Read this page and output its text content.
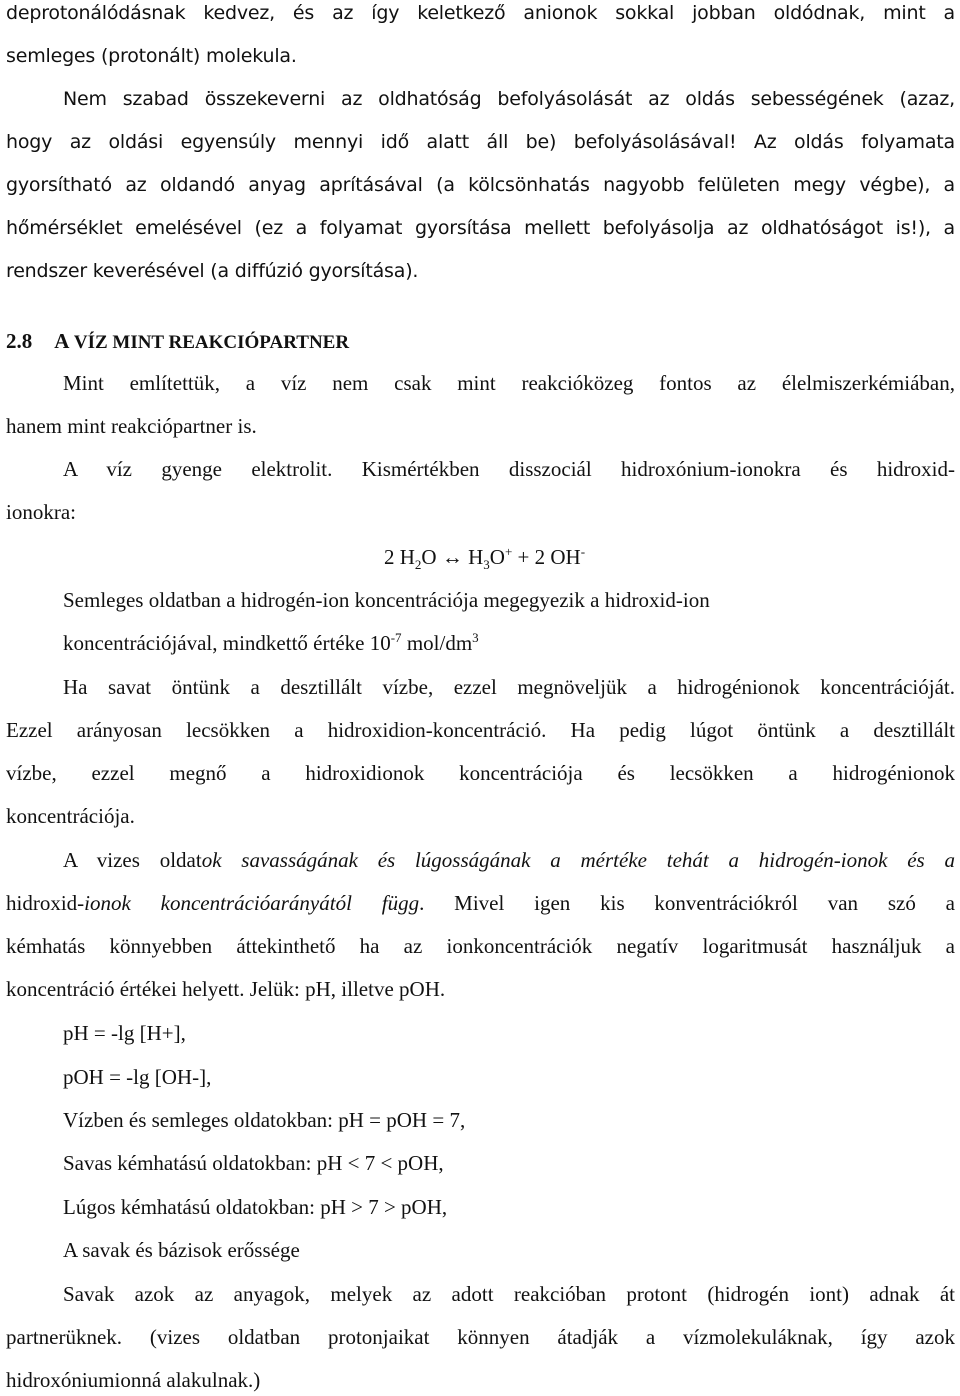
deprotonálódásnak kedvez, és az így keletkező anionok sokkal jobban oldódnak, mint a
semleges (protonált) molekula.
Nem szabad összekeverni az oldhatóság befolyásolását az oldás sebességének (azaz,
hogy az oldási egyensúly mennyi idő alatt áll be) befolyásolásával! Az oldás folyamata
gyorsítható az oldandó anyag aprításával (a kölcsönhatás nagyobb felületen megy végbe), a
hőmérséklet emelésével (ez a folyamat gyorsítása mellett befolyásolja az oldhatóságot is!), a
rendszer keverésével (a diffúzió gyorsítása).
2.8 A VÍZ MINT REAKCIÓPARTNER
Mint említettük, a víz nem csak mint reakcióközeg fontos az élelmiszerkémiában,
hanem mint reakciópartner is.
A víz gyenge elektrolit. Kismértékben disszociál hidroxónium-ionokra és hidroxid-
ionokra:
2 $H_2O$ ↔ $H_3O^+ + 2$ OH-
Semleges oldatban a hidrogén-ion koncentrációja megegyezik a hidroxid-ion
koncentrációjával, mindkettő értéke $10^{-7}$ mol/$dm^3$
Ha savat öntünk a desztillált vízbe, ezzel megnöveljük a hidrogénionok koncentrációját.
Ezzel arányosan lecsökken a hidroxidion-koncentráció. Ha pedig lúgot öntünk a desztillált
vízbe, ezzel megnő a hidroxidionok koncentrációja és lecsökken a hidrogénionok
koncentrációja.
A vizes oldatok savasságának és lúgosságának a mértéke tehát a hidrogén-ionok és a
hidroxid-ionok koncentrációarányától függ. Mivel igen kis konventrációkról van szó a
kémhatás könnyebben áttekinthető ha az ionkoncentrációk negatív logaritmusát használjuk a
koncentráció értékei helyett. Jelük: pH, illetve pOH.
pH = -lg [H+],
pOH = -lg [OH-],
Vízben és semleges oldatokban: pH = pOH = 7,
Savas kémhatású oldatokban: pH < 7 < pOH,
Lúgos kémhatású oldatokban: pH > 7 > pOH,
A savak és bázisok erőssége
Savak azok az anyagok, melyek az adott reakcióban protont (hidrogén iont) adnak át
partnerüknek. (vizes oldatban protonjaikat könnyen átadják a vízmolekuláknak, így azok
hidroxóniumionná alakulnak.)
